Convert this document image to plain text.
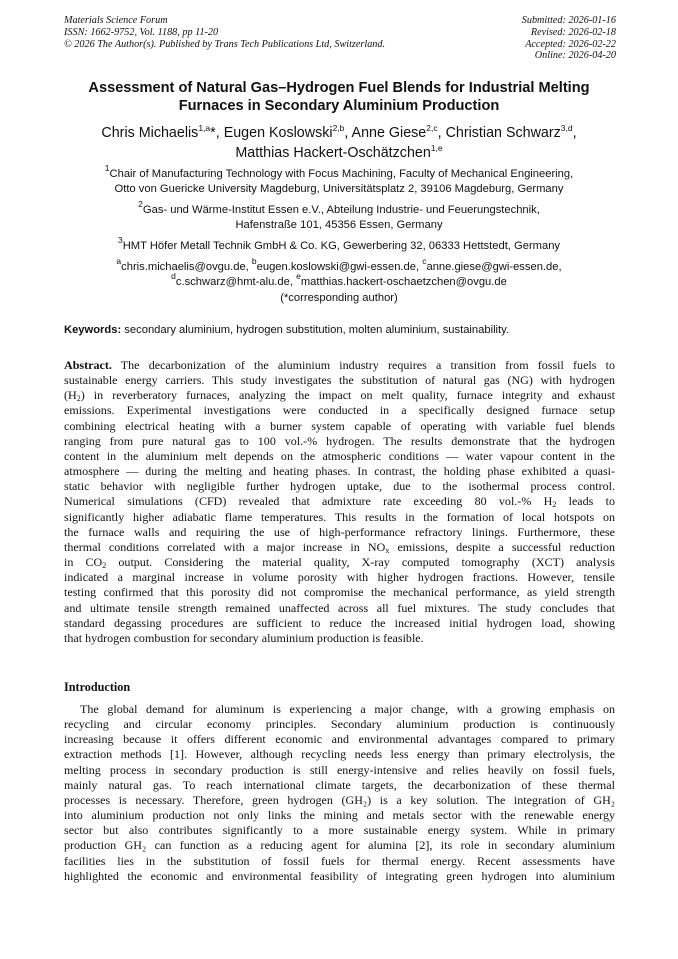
Materials Science Forum
ISSN: 1662-9752, Vol. 1188, pp 11-20
© 2026 The Author(s). Published by Trans Tech Publications Ltd, Switzerland.
Submitted: 2026-01-16
Revised: 2026-02-18
Accepted: 2026-02-22
Online: 2026-04-20
Assessment of Natural Gas–Hydrogen Fuel Blends for Industrial Melting
Furnaces in Secondary Aluminium Production
Chris Michaelis$^{1,a}$*, Eugen Koslowski$^{2,b}$, Anne Giese$^{2,c}$, Christian Schwarz$^{3,d}$,
Matthias Hackert-Oschätzchen$^{1,e}$
$^1$Chair of Manufacturing Technology with Focus Machining, Faculty of Mechanical Engineering,
Otto von Guericke University Magdeburg, Universitätsplatz 2, 39106 Magdeburg, Germany
$^2$Gas- und Wärme-Institut Essen e.V., Abteilung Industrie- und Feuerungstechnik,
Hafenstraße 101, 45356 Essen, Germany
$^3$HMT Höfer Metall Technik GmbH & Co. KG, Gewerbering 32, 06333 Hettstedt, Germany
$^a$chris.michaelis@ovgu.de, $^b$eugen.koslowski@gwi-essen.de, $^c$anne.giese@gwi-essen.de,
$^d$c.schwarz@hmt-alu.de, $^e$matthias.hackert-oschaetzchen@ovgu.de
(*corresponding author)
Keywords: secondary aluminium, hydrogen substitution, molten aluminium, sustainability.
Abstract. The decarbonization of the aluminium industry requires a transition from fossil fuels to
sustainable energy carriers. This study investigates the substitution of natural gas (NG) with hydrogen
$(H_2)$ in reverberatory furnaces, analyzing the impact on melt quality, furnace integrity and exhaust
emissions. Experimental investigations were conducted in a specifically designed furnace setup
combining electrical heating with a burner system capable of operating with variable fuel blends
ranging from pure natural gas to 100 vol.-% hydrogen. The results demonstrate that the hydrogen
content in the aluminium melt depends on the atmospheric conditions — water vapour content in the
atmosphere — during the melting and heating phases. In contrast, the holding phase exhibited a quasi-
static behavior with negligible further hydrogen uptake, due to the isothermal process control.
Numerical simulations (CFD) revealed that admixture rate exceeding 80 vol.-% $H_2$ leads to
significantly higher adiabatic flame temperatures. This results in the formation of local hotspots on
the furnace walls and requiring the use of high-performance refractory linings. Furthermore, these
thermal conditions correlated with a major increase in $NO_x$ emissions, despite a successful reduction
in $CO_2$ output. Considering the material quality, X-ray computed tomography (XCT) analysis
indicated a marginal increase in volume porosity with higher hydrogen fractions. However, tensile
testing confirmed that this porosity did not compromise the mechanical performance, as yield strength
and ultimate tensile strength remained unaffected across all fuel mixtures. The study concludes that
standard degassing procedures are sufficient to reduce the increased initial hydrogen load, showing
that hydrogen combustion for secondary aluminium production is feasible.
Introduction
The global demand for aluminum is experiencing a major change, with a growing emphasis on
recycling and circular economy principles. Secondary aluminium production is continuously
increasing because it offers different economic and environmental advantages compared to primary
extraction methods [1]. However, although recycling needs less energy than primary electrolysis, the
melting process in secondary production is still energy-intensive and relies heavily on fossil fuels,
mainly natural gas. To reach international climate targets, the decarbonization of these thermal
processes is necessary. Therefore, green hydrogen (GH₂) is a key solution. The integration of GH₂
into aluminium production not only links the mining and metals sector with the renewable energy
sector but also contributes significantly to a more sustainable energy system. While in primary
production GH₂ can function as a reducing agent for alumina [2], its role in secondary aluminium
facilities lies in the substitution of fossil fuels for thermal energy. Recent assessments have
highlighted the economic and environmental feasibility of integrating green hydrogen into aluminium
